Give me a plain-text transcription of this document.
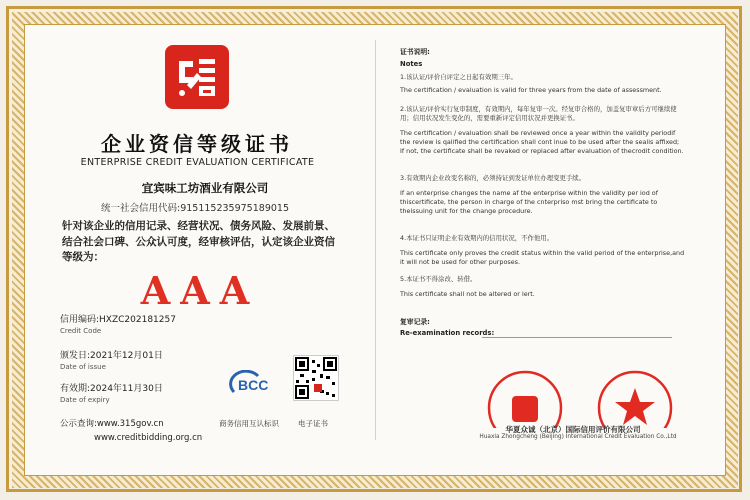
企业资信等级证书
ENTERPRISE CREDIT EVALUATION CERTIFICATE
宜宾味工坊酒业有限公司
统一社会信用代码:915115235975189015
针对该企业的信用记录、经营状况、债务风险、发展前景、结合社会口碑、公众认可度，经审核评估，认定该企业资信等级为：
AAA
信用编码:HXZC202181257
Credit Code
颁发日:2021年12月01日
Date of issue
有效期:2024年11月30日
Date of expiry
公示查询:www.315gov.cn
www.creditbidding.org.cn
BCC
商务信用互认标识	电子证书
证书说明:
Notes

1.该认证/评价自评定之日起有效期三年。

The certification / evaluation is valid for three years from the date of assessment.

2.该认证/评价实行复审制度，有效期内，每年复审一次。经复审合格的，加盖复审章后方可继续使用；信用状况发生变化的，需要重新评定信用状况并更换证书。

The certification / evaluation shall be reviewed once a year within the validity periodif the review is qalified the certification shall cont inue to be used after the sealis affixed; If not, the certificate shall be revaked or replaced after evaluation of thecrodit condition.

3.有效期内企业改变名称的，必须持证到发证单位办理变更手续。

If an enterprise changes the name af the enterprise within the validity per iod of thiscertificate, the person in charge of the cnterpriso mst bring the certificate to theissuing unit for the change procedure.

4.本证书只证明企业有效期内的信用状况，不作他用。

This certificate only proves the credit status within the valid period of the enterprise,and it will not be used for other purposes.

5.本证书不得涂改、转借。

This certificate shall not be altered or lert.

复审记录:
Re-examination records:
华夏众诚（北京）国际信用评价有限公司
Huaxia Zhongcheng (Beijing) International Credit Evaluation Co.,Ltd
